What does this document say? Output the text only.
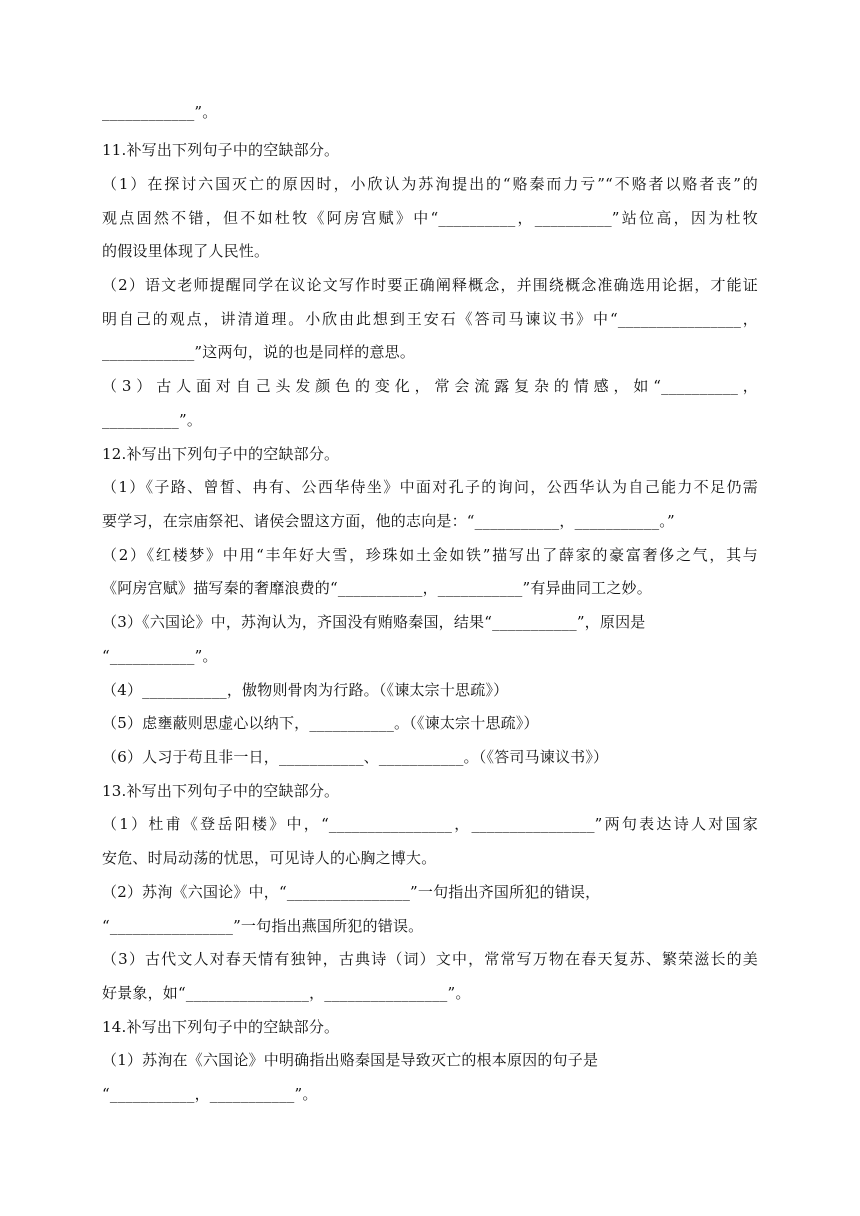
____________”。
11.补写出下列句子中的空缺部分。
（1）在探讨六国灭亡的原因时，小欣认为苏洵提出的“赂秦而力亏”“不赂者以赂者丧”的
观点固然不错，但不如杜牧《阿房宫赋》中“__________，__________”站位高，因为杜牧
的假设里体现了人民性。
（2）语文老师提醒同学在议论文写作时要正确阐释概念，并围绕概念准确选用论据，才能证
明自己的观点，讲清道理。小欣由此想到王安石《答司马谏议书》中“________________，
____________”这两句，说的也是同样的意思。
（3）古人面对自己头发颜色的变化，常会流露复杂的情感，如“__________，
__________”。
12.补写出下列句子中的空缺部分。
（1）《子路、曾皙、冉有、公西华侍坐》中面对孔子的询问，公西华认为自己能力不足仍需
要学习，在宗庙祭祀、诸侯会盟这方面，他的志向是：“___________，___________。”
（2）《红楼梦》中用“丰年好大雪，珍珠如土金如铁”描写出了薛家的豪富奢侈之气，其与
《阿房宫赋》描写秦的奢靡浪费的“___________，___________”有异曲同工之妙。
（3）《六国论》中，苏洵认为，齐国没有贿赂秦国，结果“___________”，原因是
“___________”。
（4）___________，傲物则骨肉为行路。（《谏太宗十思疏》）
（5）虑壅蔽则思虚心以纳下，___________。（《谏太宗十思疏》）
（6）人习于苟且非一日，___________、___________。（《答司马谏议书》）
13.补写出下列句子中的空缺部分。
（1）杜甫《登岳阳楼》中，“________________，________________”两句表达诗人对国家
安危、时局动荡的忧思，可见诗人的心胸之博大。
（2）苏洵《六国论》中，“________________”一句指出齐国所犯的错误，
“________________”一句指出燕国所犯的错误。
（3）古代文人对春天情有独钟，古典诗（词）文中，常常写万物在春天复苏、繁荣滋长的美
好景象，如“________________，________________”。
14.补写出下列句子中的空缺部分。
（1）苏洵在《六国论》中明确指出赂秦国是导致灭亡的根本原因的句子是
“___________，___________”。
